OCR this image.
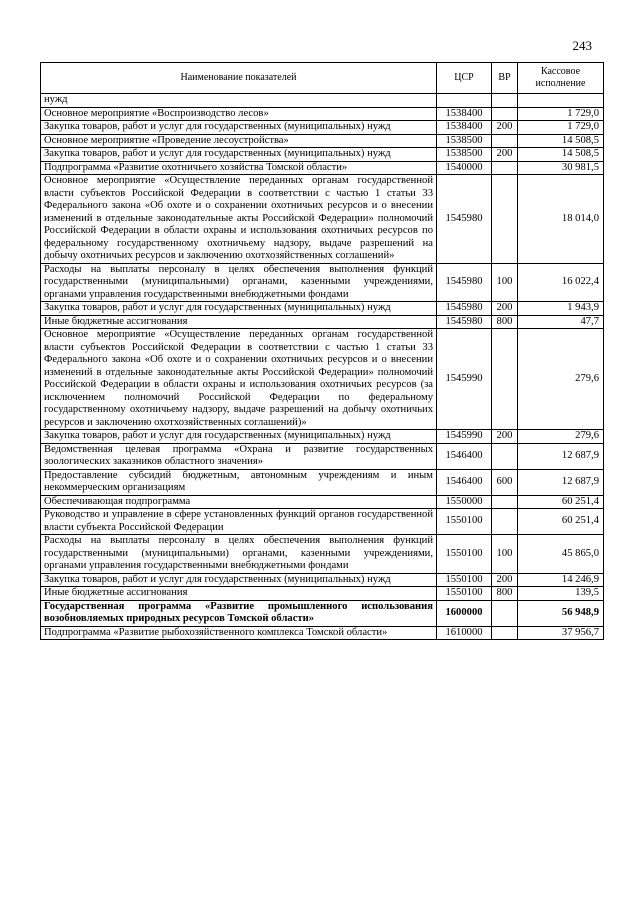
243
Наименование показателей	ЦСР	ВР	Кассовое исполнение
нужд			
Основное мероприятие «Воспроизводство лесов»	1538400		1 729,0
Закупка товаров, работ и услуг для государственных (муниципальных) нужд	1538400	200	1 729,0
Основное мероприятие «Проведение лесоустройства»	1538500		14 508,5
Закупка товаров, работ и услуг для государственных (муниципальных) нужд	1538500	200	14 508,5
Подпрограмма «Развитие охотничьего хозяйства Томской области»	1540000		30 981,5
Основное мероприятие «Осуществление переданных органам государственной власти субъектов Российской Федерации в соответствии с частью 1 статьи 33 Федерального закона «Об охоте и о сохранении охотничьих ресурсов и о внесении изменений в отдельные законодательные акты Российской Федерации» полномочий Российской Федерации в области охраны и использования охотничьих ресурсов по федеральному государственному охотничьему надзору, выдаче разрешений на добычу охотничьих ресурсов и заключению охотхозяйственных соглашений»	1545980		18 014,0
Расходы на выплаты персоналу в целях обеспечения выполнения функций государственными (муниципальными) органами, казенными учреждениями, органами управления государственными внебюджетными фондами	1545980	100	16 022,4
Закупка товаров, работ и услуг для государственных (муниципальных) нужд	1545980	200	1 943,9
Иные бюджетные ассигнования	1545980	800	47,7
Основное мероприятие «Осуществление переданных органам государственной власти субъектов Российской Федерации в соответствии с частью 1 статьи 33 Федерального закона «Об охоте и о сохранении охотничьих ресурсов и о внесении изменений в отдельные законодательные акты Российской Федерации» полномочий Российской Федерации в области охраны и использования охотничьих ресурсов (за исключением полномочий Российской Федерации по федеральному государственному охотничьему надзору, выдаче разрешений на добычу охотничьих ресурсов и заключению охотхозяйственных соглашений)»	1545990		279,6
Закупка товаров, работ и услуг для государственных (муниципальных) нужд	1545990	200	279,6
Ведомственная целевая программа «Охрана и развитие государственных зоологических заказников областного значения»	1546400		12 687,9
Предоставление субсидий бюджетным, автономным учреждениям и иным некоммерческим организациям	1546400	600	12 687,9
Обеспечивающая подпрограмма	1550000		60 251,4
Руководство и управление в сфере установленных функций органов государственной власти субъекта Российской Федерации	1550100		60 251,4
Расходы на выплаты персоналу в целях обеспечения выполнения функций государственными (муниципальными) органами, казенными учреждениями, органами управления государственными внебюджетными фондами	1550100	100	45 865,0
Закупка товаров, работ и услуг для государственных (муниципальных) нужд	1550100	200	14 246,9
Иные бюджетные ассигнования	1550100	800	139,5
Государственная программа «Развитие промышленного использования возобновляемых природных ресурсов Томской области»	1600000		56 948,9
Подпрограмма «Развитие рыбохозяйственного комплекса Томской области»	1610000		37 956,7
